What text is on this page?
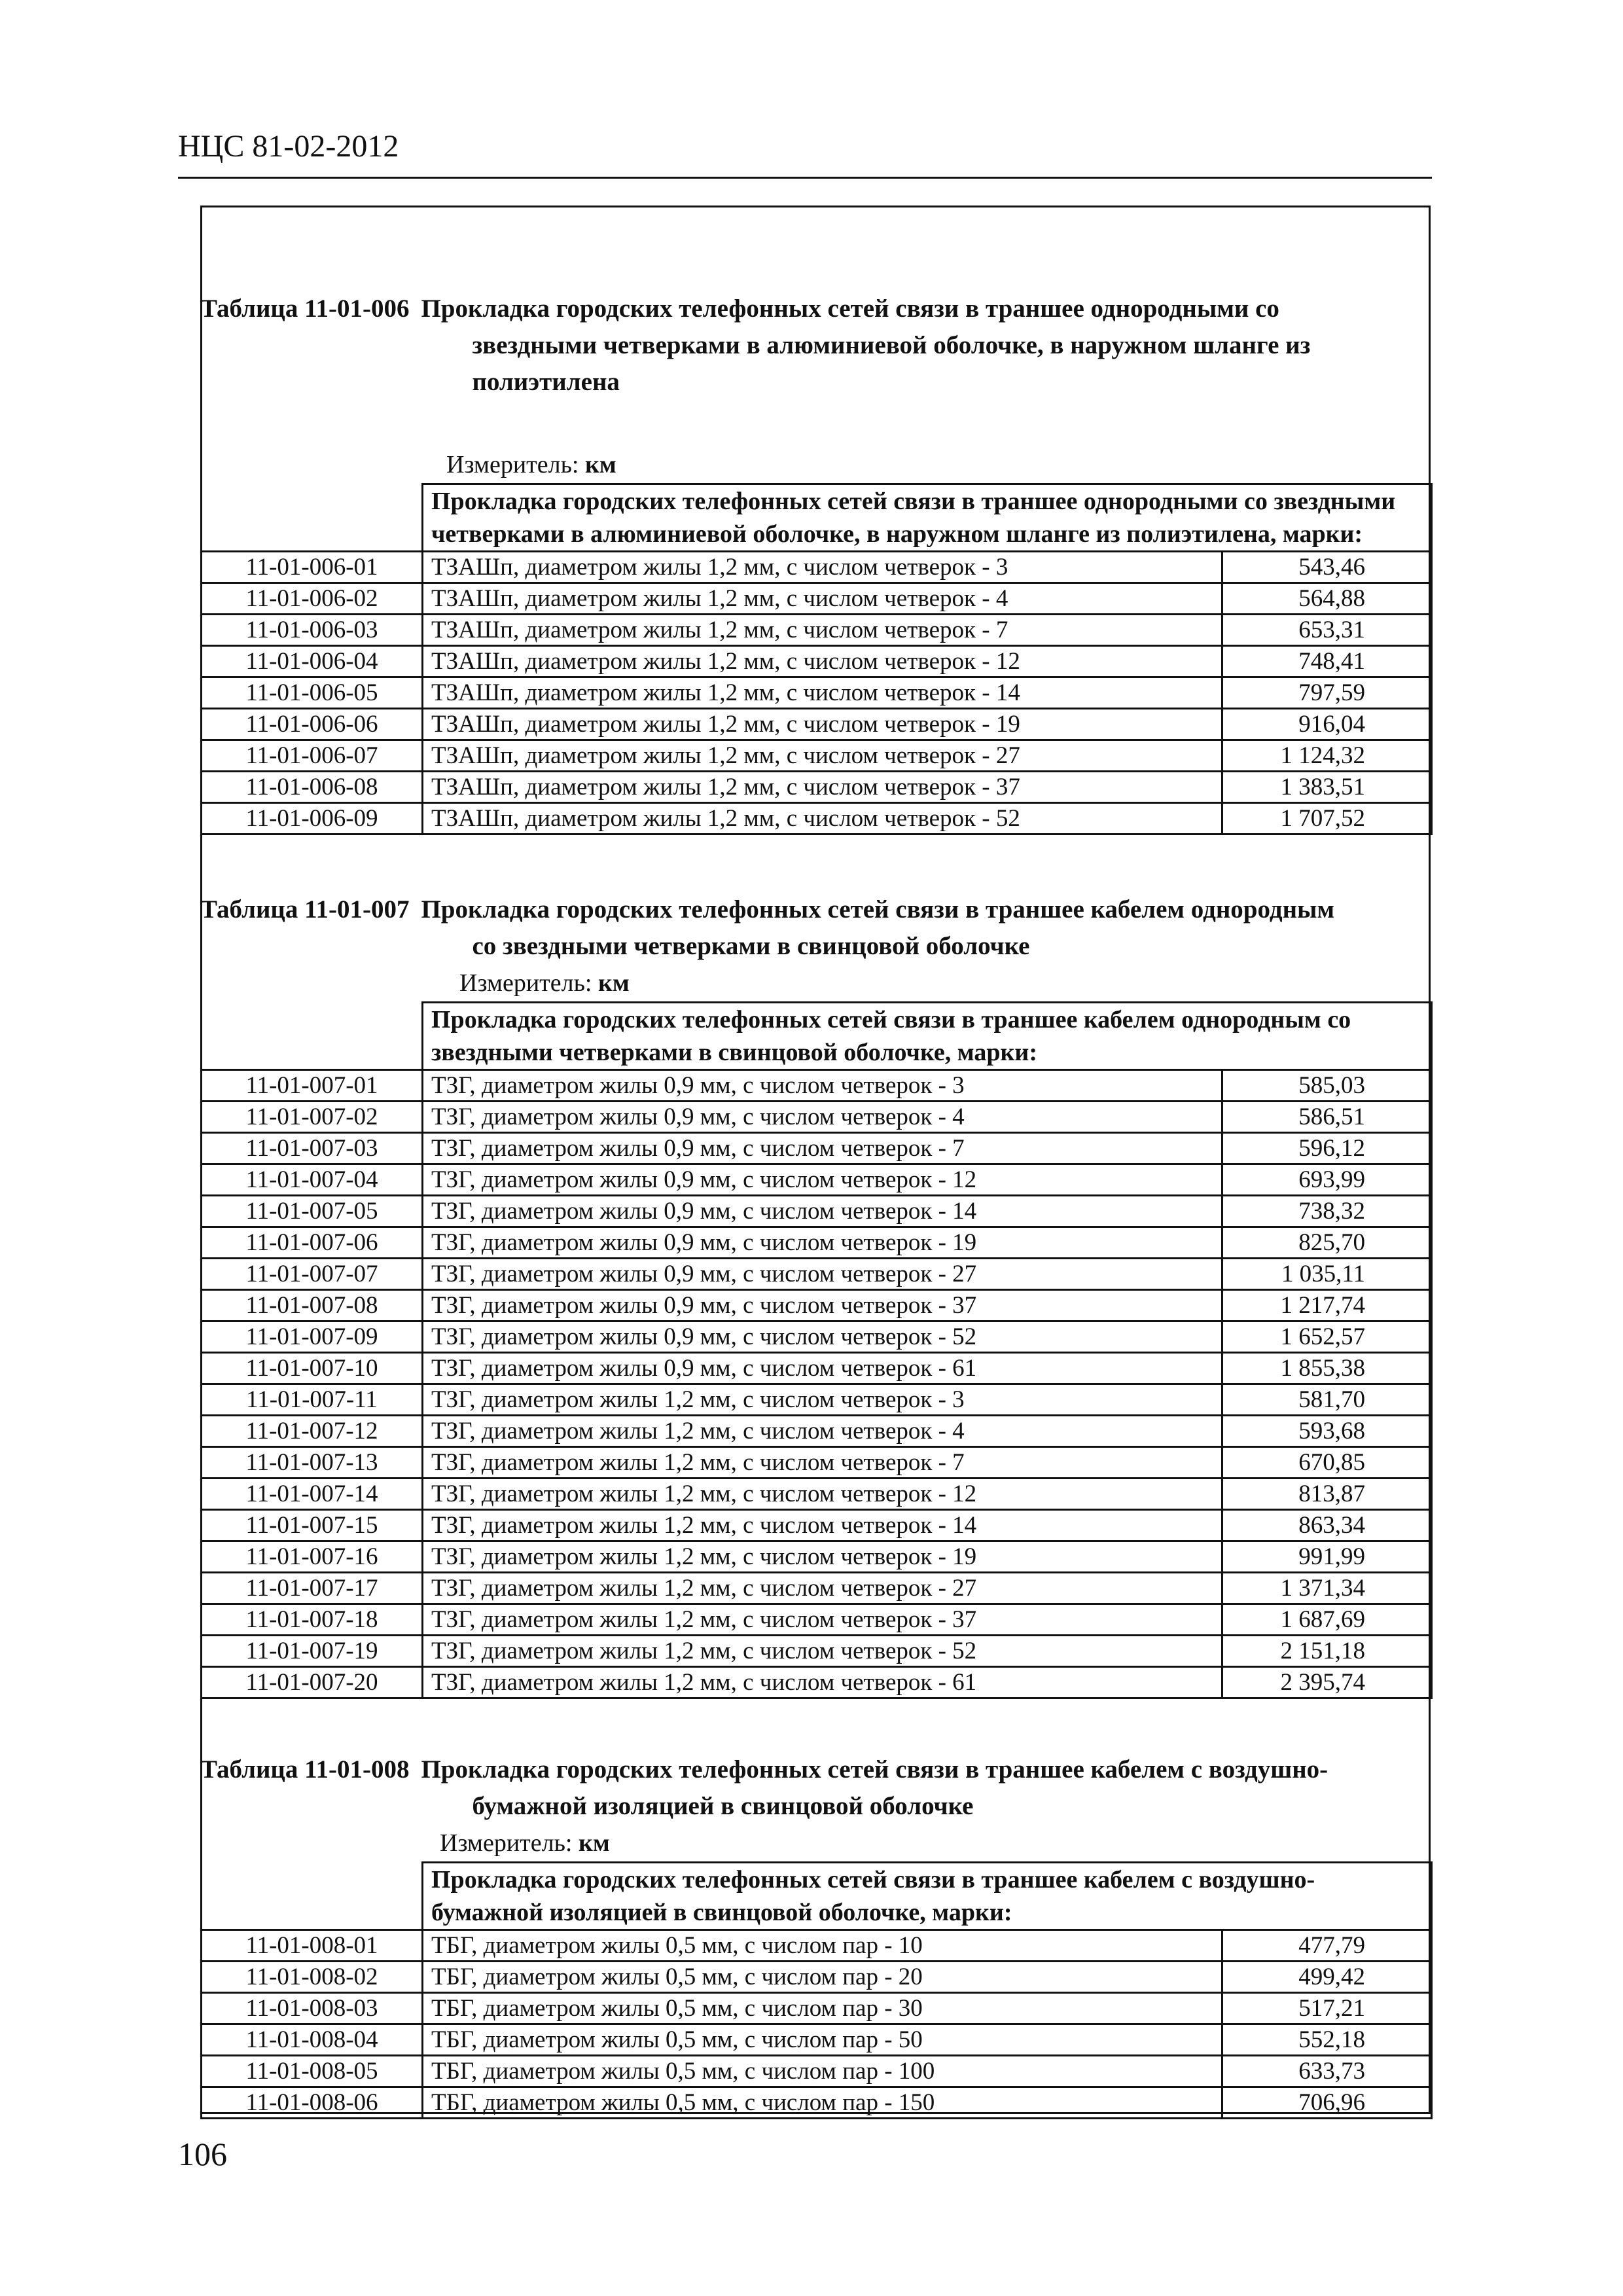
НЦС 81-02-2012
Таблица 11-01-006 Прокладка городских телефонных сетей связи в траншее однородными со
звездными четверками в алюминиевой оболочке, в наружном шланге из полиэтилена
Измеритель: км
	Прокладка городских телефонных сетей связи в траншее однородными со звездными четверками в алюминиевой оболочке, в наружном шланге из полиэтилена, марки:	
11-01-006-01	ТЗАШп, диаметром жилы 1,2 мм, с числом четверок - 3	543,46
11-01-006-02	ТЗАШп, диаметром жилы 1,2 мм, с числом четверок - 4	564,88
11-01-006-03	ТЗАШп, диаметром жилы 1,2 мм, с числом четверок - 7	653,31
11-01-006-04	ТЗАШп, диаметром жилы 1,2 мм, с числом четверок - 12	748,41
11-01-006-05	ТЗАШп, диаметром жилы 1,2 мм, с числом четверок - 14	797,59
11-01-006-06	ТЗАШп, диаметром жилы 1,2 мм, с числом четверок - 19	916,04
11-01-006-07	ТЗАШп, диаметром жилы 1,2 мм, с числом четверок - 27	1 124,32
11-01-006-08	ТЗАШп, диаметром жилы 1,2 мм, с числом четверок - 37	1 383,51
11-01-006-09	ТЗАШп, диаметром жилы 1,2 мм, с числом четверок - 52	1 707,52
Таблица 11-01-007 Прокладка городских телефонных сетей связи в траншее кабелем однородным
со звездными четверками в свинцовой оболочке
Измеритель: км
	Прокладка городских телефонных сетей связи в траншее кабелем однородным со звездными четверками в свинцовой оболочке, марки:	
11-01-007-01	ТЗГ, диаметром жилы 0,9 мм, с числом четверок - 3	585,03
11-01-007-02	ТЗГ, диаметром жилы 0,9 мм, с числом четверок - 4	586,51
11-01-007-03	ТЗГ, диаметром жилы 0,9 мм, с числом четверок - 7	596,12
11-01-007-04	ТЗГ, диаметром жилы 0,9 мм, с числом четверок - 12	693,99
11-01-007-05	ТЗГ, диаметром жилы 0,9 мм, с числом четверок - 14	738,32
11-01-007-06	ТЗГ, диаметром жилы 0,9 мм, с числом четверок - 19	825,70
11-01-007-07	ТЗГ, диаметром жилы 0,9 мм, с числом четверок - 27	1 035,11
11-01-007-08	ТЗГ, диаметром жилы 0,9 мм, с числом четверок - 37	1 217,74
11-01-007-09	ТЗГ, диаметром жилы 0,9 мм, с числом четверок - 52	1 652,57
11-01-007-10	ТЗГ, диаметром жилы 0,9 мм, с числом четверок - 61	1 855,38
11-01-007-11	ТЗГ, диаметром жилы 1,2 мм, с числом четверок - 3	581,70
11-01-007-12	ТЗГ, диаметром жилы 1,2 мм, с числом четверок - 4	593,68
11-01-007-13	ТЗГ, диаметром жилы 1,2 мм, с числом четверок - 7	670,85
11-01-007-14	ТЗГ, диаметром жилы 1,2 мм, с числом четверок - 12	813,87
11-01-007-15	ТЗГ, диаметром жилы 1,2 мм, с числом четверок - 14	863,34
11-01-007-16	ТЗГ, диаметром жилы 1,2 мм, с числом четверок - 19	991,99
11-01-007-17	ТЗГ, диаметром жилы 1,2 мм, с числом четверок - 27	1 371,34
11-01-007-18	ТЗГ, диаметром жилы 1,2 мм, с числом четверок - 37	1 687,69
11-01-007-19	ТЗГ, диаметром жилы 1,2 мм, с числом четверок - 52	2 151,18
11-01-007-20	ТЗГ, диаметром жилы 1,2 мм, с числом четверок - 61	2 395,74
Таблица 11-01-008 Прокладка городских телефонных сетей связи в траншее кабелем с воздушно-
бумажной изоляцией в свинцовой оболочке
Измеритель: км
	Прокладка городских телефонных сетей связи в траншее кабелем с воздушно-бумажной изоляцией в свинцовой оболочке, марки:	
11-01-008-01	ТБГ, диаметром жилы 0,5 мм, с числом пар - 10	477,79
11-01-008-02	ТБГ, диаметром жилы 0,5 мм, с числом пар - 20	499,42
11-01-008-03	ТБГ, диаметром жилы 0,5 мм, с числом пар - 30	517,21
11-01-008-04	ТБГ, диаметром жилы 0,5 мм, с числом пар - 50	552,18
11-01-008-05	ТБГ, диаметром жилы 0,5 мм, с числом пар - 100	633,73
11-01-008-06	ТБГ, диаметром жилы 0,5 мм, с числом пар - 150	706,96
106
